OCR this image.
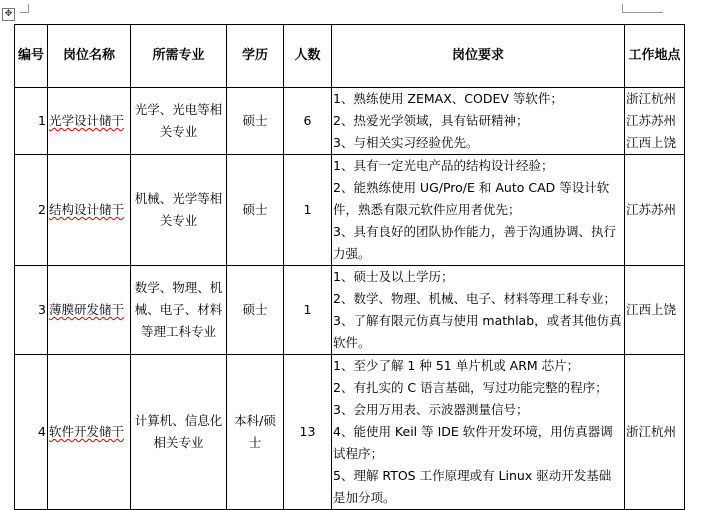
✥
编号	岗位名称	所需专业	学历	人数	岗位要求	工作地点
1	光学设计储干	光学、光电等相关专业	硕士	6	1、熟练使用 ZEMAX、CODEV 等软件；
2、热爱光学领域，具有钻研精神；
3、与相关实习经验优先。	浙江杭州
江苏苏州
江西上饶

2	结构设计储干	机械、光学等相关专业	硕士	1	1、具有一定光电产品的结构设计经验；
2、能熟练使用 UG/Pro/E 和 Auto CAD 等设计软件，熟悉有限元软件应用者优先；
3、具有良好的团队协作能力，善于沟通协调、执行力强。	江苏苏州

3	薄膜研发储干	数学、物理、机械、电子、材料等理工科专业	硕士	1	1、硕士及以上学历；
2、数学、物理、机械、电子、材料等理工科专业；
3、了解有限元仿真与使用 mathlab，或者其他仿真软件。	江西上饶

4	软件开发储干	计算机、信息化相关专业	本科/硕士	13	1、至少了解 1 种 51 单片机或 ARM 芯片；
2、有扎实的 C 语言基础，写过功能完整的程序；
3、会用万用表、示波器测量信号；
4、能使用 Keil 等 IDE 软件开发环境，用仿真器调试程序；
5、理解 RTOS 工作原理或有 Linux 驱动开发基础是加分项。	浙江杭州
